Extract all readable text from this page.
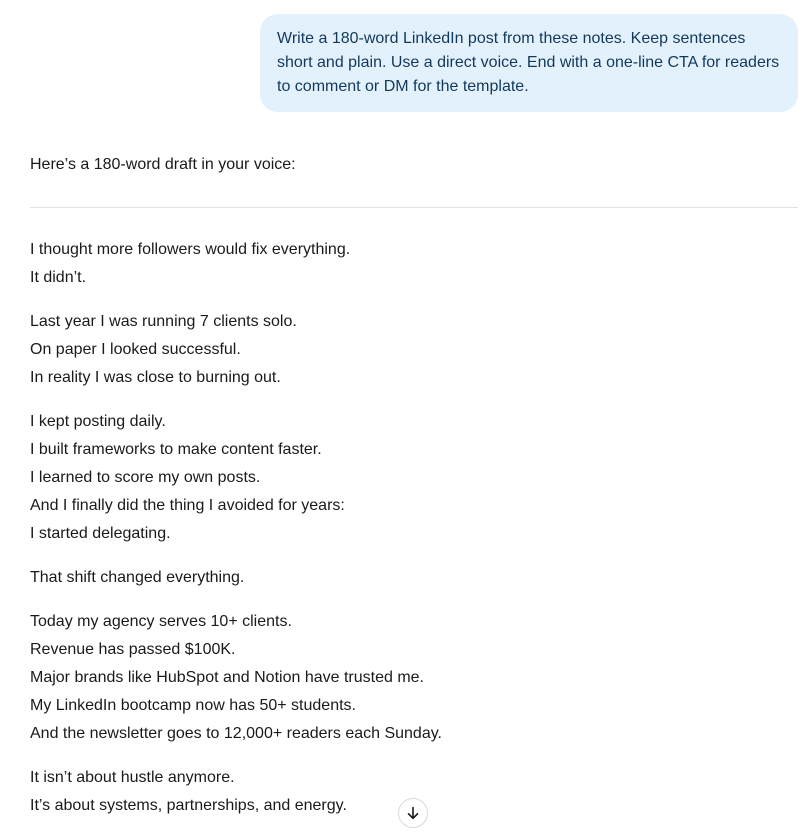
Write a 180-word LinkedIn post from these notes. Keep sentences short and plain. Use a direct voice. End with a one-line CTA for readers to comment or DM for the template.
Here’s a 180-word draft in your voice:
I thought more followers would fix everything.
It didn’t.
Last year I was running 7 clients solo.
On paper I looked successful.
In reality I was close to burning out.
I kept posting daily.
I built frameworks to make content faster.
I learned to score my own posts.
And I finally did the thing I avoided for years:
I started delegating.
That shift changed everything.
Today my agency serves 10+ clients.
Revenue has passed $100K.
Major brands like HubSpot and Notion have trusted me.
My LinkedIn bootcamp now has 50+ students.
And the newsletter goes to 12,000+ readers each Sunday.
It isn’t about hustle anymore.
It’s about systems, partnerships, and energy.
